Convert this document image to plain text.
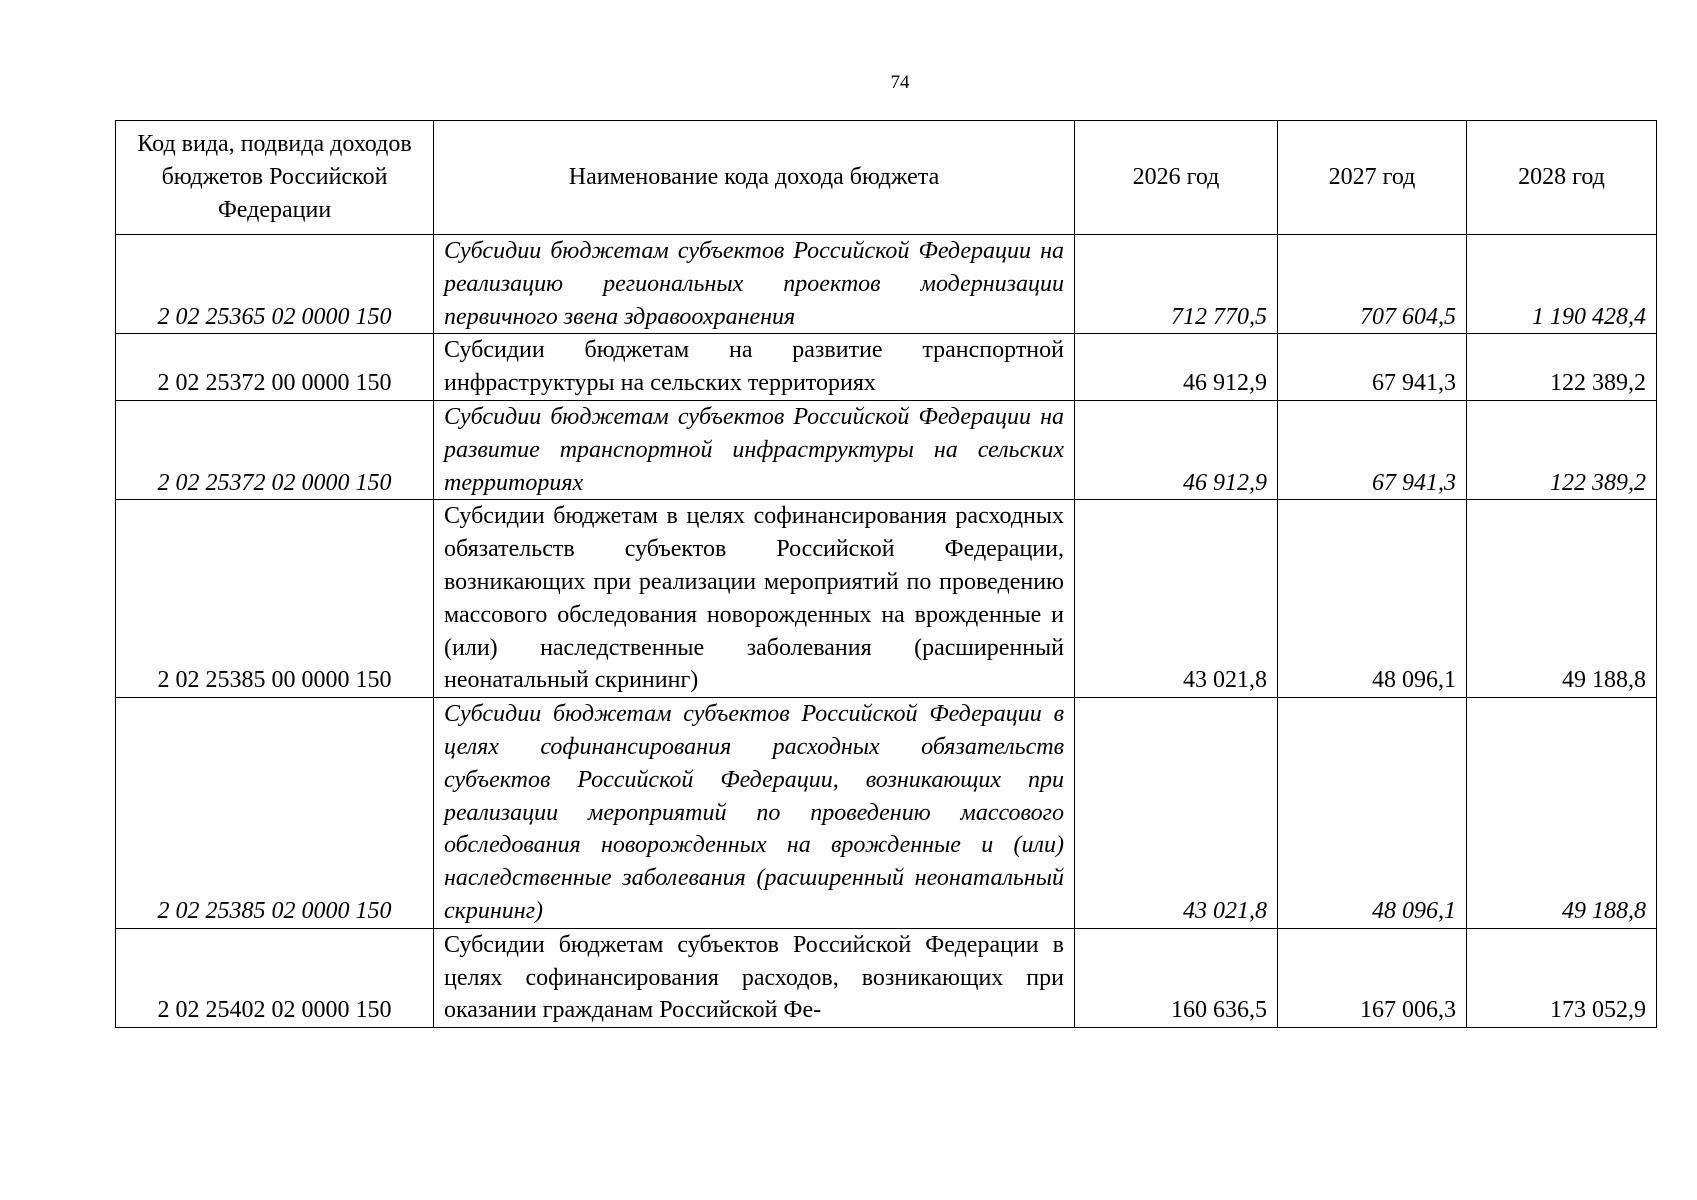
74
Код вида, подвида доходов бюджетов Российской Федерации	Наименование кода дохода бюджета	2026 год	2027 год	2028 год
2 02 25365 02 0000 150	Субсидии бюджетам субъектов Российской Федерации на реализацию региональных проектов модернизации первичного звена здравоохранения	712 770,5	707 604,5	1 190 428,4
2 02 25372 00 0000 150	Субсидии бюджетам на развитие транспортной инфраструктуры на сельских территориях	46 912,9	67 941,3	122 389,2
2 02 25372 02 0000 150	Субсидии бюджетам субъектов Российской Федерации на развитие транспортной инфраструктуры на сельских территориях	46 912,9	67 941,3	122 389,2
2 02 25385 00 0000 150	Субсидии бюджетам в целях софинансирования расходных обязательств субъектов Российской Федерации, возникающих при реализации мероприятий по проведению массового обследования новорожденных на врожденные и (или) наследственные заболевания (расширенный неонатальный скрининг)	43 021,8	48 096,1	49 188,8
2 02 25385 02 0000 150	Субсидии бюджетам субъектов Российской Федерации в целях софинансирования расходных обязательств субъектов Российской Федерации, возникающих при реализации мероприятий по проведению массового обследования новорожденных на врожденные и (или) наследственные заболевания (расширенный неонатальный скрининг)	43 021,8	48 096,1	49 188,8
2 02 25402 02 0000 150	Субсидии бюджетам субъектов Российской Федерации в целях софинансирования расходов, возникающих при оказании гражданам Российской Фе-	160 636,5	167 006,3	173 052,9
